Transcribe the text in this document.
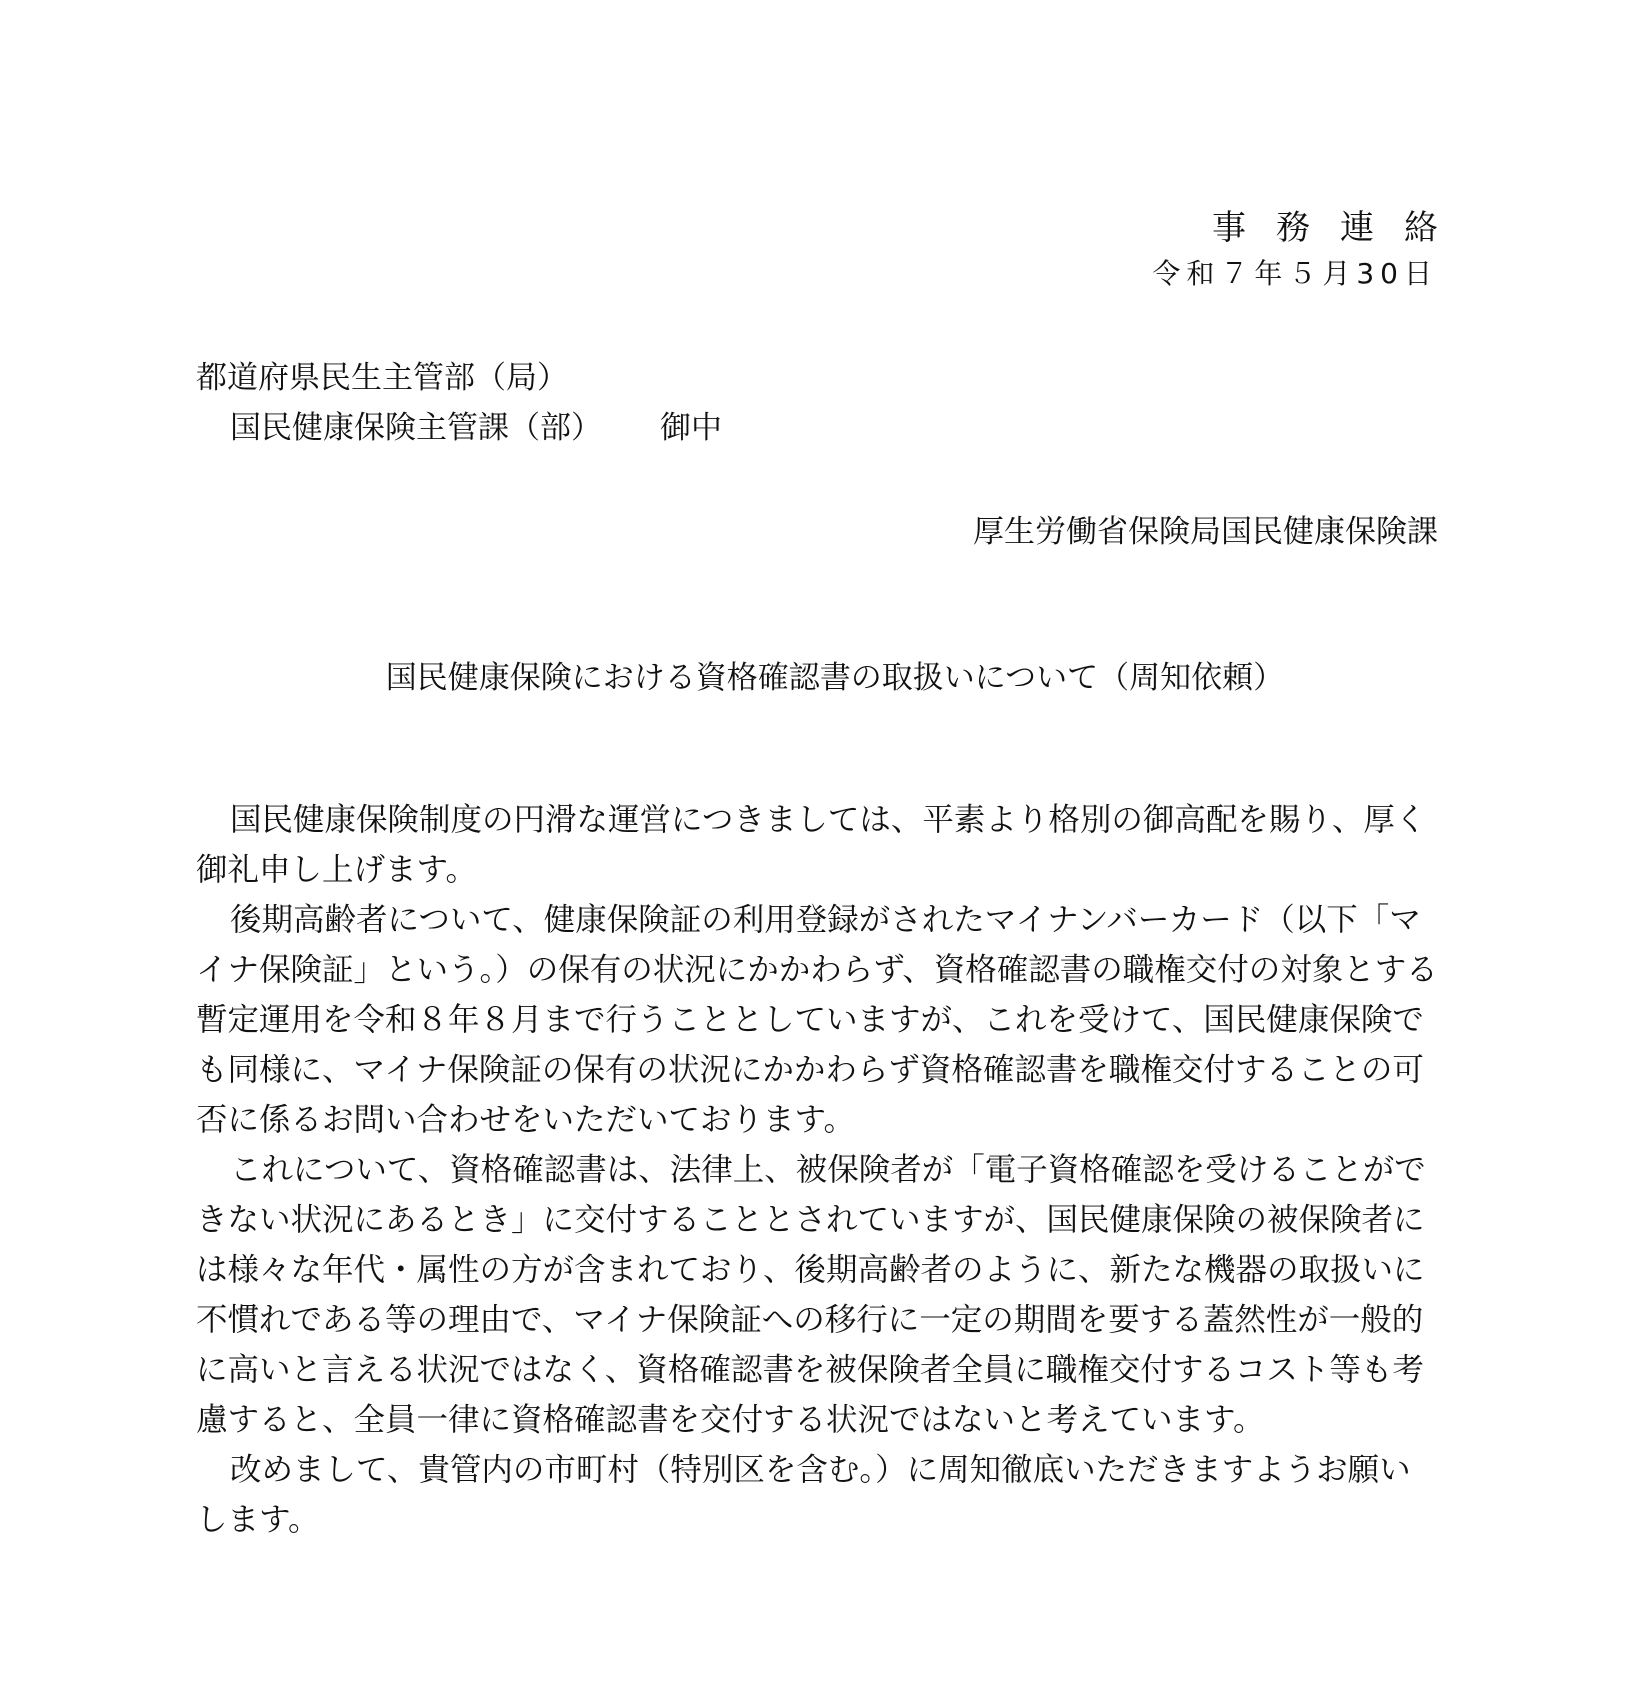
事務連絡
令和７年５月30日
都道府県民生主管部（局）
国民健康保険主管課（部） 御中
厚生労働省保険局国民健康保険課
国民健康保険における資格確認書の取扱いについて（周知依頼）

国民健康保険制度の円滑な運営につきましては、平素より格別の御高配を賜り、厚く御礼申し上げます。

後期高齢者について、健康保険証の利用登録がされたマイナンバーカード（以下「マイナ保険証」という。）の保有の状況にかかわらず、資格確認書の職権交付の対象とする暫定運用を令和８年８月まで行うこととしていますが、これを受けて、国民健康保険でも同様に、マイナ保険証の保有の状況にかかわらず資格確認書を職権交付することの可否に係るお問い合わせをいただいております。

これについて、資格確認書は、法律上、被保険者が「電子資格確認を受けることができない状況にあるとき」に交付することとされていますが、国民健康保険の被保険者には様々な年代・属性の方が含まれており、後期高齢者のように、新たな機器の取扱いに不慣れである等の理由で、マイナ保険証への移行に一定の期間を要する蓋然性が一般的に高いと言える状況ではなく、資格確認書を被保険者全員に職権交付するコスト等も考慮すると、全員一律に資格確認書を交付する状況ではないと考えています。

改めまして、貴管内の市町村（特別区を含む。）に周知徹底いただきますようお願いします。
